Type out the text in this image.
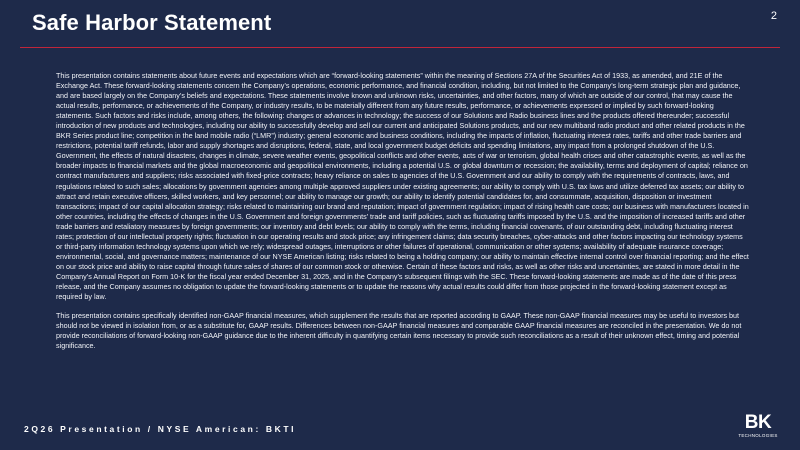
Safe Harbor Statement	2

This presentation contains statements about future events and expectations which are “forward-looking statements” within the meaning of Sections 27A of the Securities Act of 1933, as amended, and 21E of the Exchange Act. These forward-looking statements concern the Company’s operations, economic performance, and financial condition, including, but not limited to the Company’s long-term strategic plan and guidance, and are based largely on the Company’s beliefs and expectations. These statements involve known and unknown risks, uncertainties, and other factors, many of which are outside of our control, that may cause the actual results, performance, or achievements of the Company, or industry results, to be materially different from any future results, performance, or achievements expressed or implied by such forward-looking statements. Such factors and risks include, among others, the following: changes or advances in technology; the success of our Solutions and Radio business lines and the products offered thereunder; successful introduction of new products and technologies, including our ability to successfully develop and sell our current and anticipated Solutions products, and our new multiband radio product and other related products in the BKR Series product line; competition in the land mobile radio (“LMR”) industry; general economic and business conditions, including the impacts of inflation, fluctuating interest rates, tariffs and other trade barriers and restrictions, potential tariff refunds, labor and supply shortages and disruptions, federal, state, and local government budget deficits and spending limitations, any impact from a prolonged shutdown of the U.S. Government, the effects of natural disasters, changes in climate, severe weather events, geopolitical conflicts and other events, acts of war or terrorism, global health crises and other catastrophic events, as well as the broader impacts to financial markets and the global macroeconomic and geopolitical environments, including a potential U.S. or global downturn or recession; the availability, terms and deployment of capital; reliance on contract manufacturers and suppliers; risks associated with fixed-price contracts; heavy reliance on sales to agencies of the U.S. Government and our ability to comply with the requirements of contracts, laws, and regulations related to such sales; allocations by government agencies among multiple approved suppliers under existing agreements; our ability to comply with U.S. tax laws and utilize deferred tax assets; our ability to attract and retain executive officers, skilled workers, and key personnel; our ability to manage our growth; our ability to identify potential candidates for, and consummate, acquisition, disposition or investment transactions; impact of our capital allocation strategy; risks related to maintaining our brand and reputation; impact of government regulation; impact of rising health care costs; our business with manufacturers located in other countries, including the effects of changes in the U.S. Government and foreign governments’ trade and tariff policies, such as fluctuating tariffs imposed by the U.S. and the imposition of increased tariffs and other trade barriers and retaliatory measures by foreign governments; our inventory and debt levels; our ability to comply with the terms, including financial covenants, of our outstanding debt, including fluctuating interest rates; protection of our intellectual property rights; fluctuation in our operating results and stock price; any infringement claims; data security breaches, cyber-attacks and other factors impacting our technology systems or third-party information technology systems upon which we rely; widespread outages, interruptions or other failures of operational, communication or other systems; availability of adequate insurance coverage; environmental, social, and governance matters; maintenance of our NYSE American listing; risks related to being a holding company; our ability to maintain effective internal control over financial reporting; and the effect on our stock price and ability to raise capital through future sales of shares of our common stock or otherwise. Certain of these factors and risks, as well as other risks and uncertainties, are stated in more detail in the Company’s Annual Report on Form 10-K for the fiscal year ended December 31, 2025, and in the Company’s subsequent filings with the SEC. These forward-looking statements are made as of the date of this press release, and the Company assumes no obligation to update the forward-looking statements or to update the reasons why actual results could differ from those projected in the forward-looking statement except as required by law.

This presentation contains specifically identified non-GAAP financial measures, which supplement the results that are reported according to GAAP. These non-GAAP financial measures may be useful to investors but should not be viewed in isolation from, or as a substitute for, GAAP results. Differences between non-GAAP financial measures and comparable GAAP financial measures are reconciled in the presentation. We do not provide reconciliations of forward-looking non-GAAP guidance due to the inherent difficulty in quantifying certain items necessary to provide such reconciliations as a result of their unknown effect, timing and potential significance.

2Q26 Presentation / NYSE American: BKTI	BK
TECHNOLOGIES
